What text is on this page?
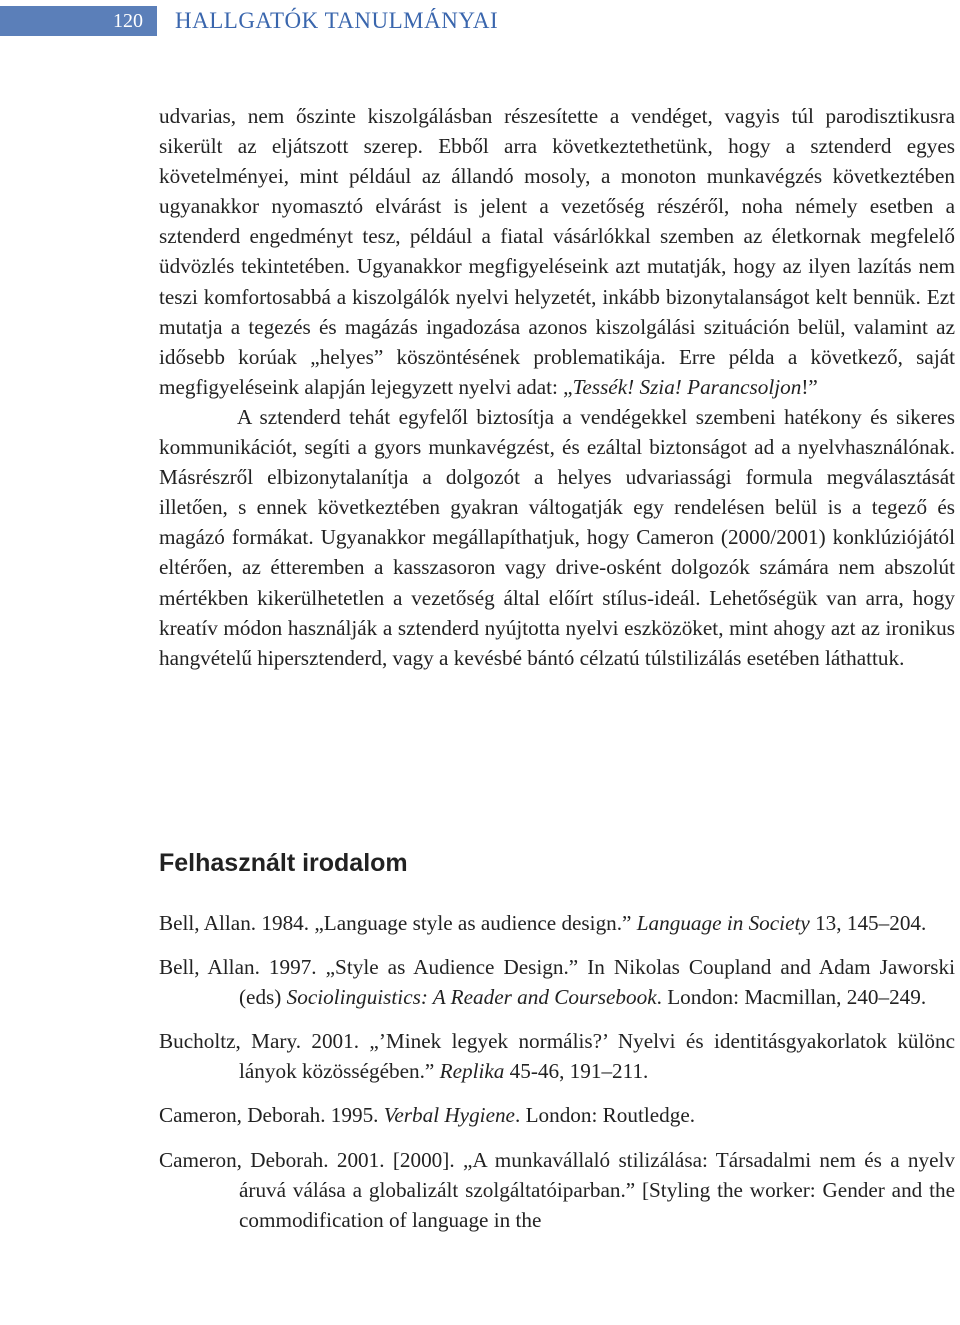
120	HALLGATÓK TANULMÁNYAI

udvarias, nem őszinte kiszolgálásban részesítette a vendéget, vagyis túl parodisztikusra sikerült az eljátszott szerep. Ebből arra következtethetünk, hogy a sztenderd egyes követelményei, mint például az állandó mosoly, a monoton munkavégzés következtében ugyanakkor nyomasztó elvárást is jelent a vezetőség részéről, noha némely esetben a sztenderd engedményt tesz, például a fiatal vásárlókkal szemben az életkornak megfelelő üdvözlés tekintetében. Ugyanakkor megfigyeléseink azt mutatják, hogy az ilyen lazítás nem teszi komfortosabbá a kiszolgálók nyelvi helyzetét, inkább bizonytalanságot kelt bennük. Ezt mutatja a tegezés és magázás ingadozása azonos kiszolgálási szituáción belül, valamint az idősebb korúak „helyes” köszöntésének problematikája. Erre példa a következő, saját megfigyeléseink alapján lejegyzett nyelvi adat: „Tessék! Szia! Parancsoljon!”

A sztenderd tehát egyfelől biztosítja a vendégekkel szembeni hatékony és sikeres kommunikációt, segíti a gyors munkavégzést, és ezáltal biztonságot ad a nyelvhasználónak. Másrészről elbizonytalanítja a dolgozót a helyes udvariassági formula megválasztását illetően, s ennek következtében gyakran váltogatják egy rendelésen belül is a tegező és magázó formákat. Ugyanakkor megállapíthatjuk, hogy Cameron (2000/2001) konklúziójától eltérően, az étteremben a kasszasoron vagy drive-osként dolgozók számára nem abszolút mértékben kikerülhetetlen a vezetőség által előírt stílus-ideál. Lehetőségük van arra, hogy kreatív módon használják a sztenderd nyújtotta nyelvi eszközöket, mint ahogy azt az ironikus hangvételű hipersztenderd, vagy a kevésbé bántó célzatú túlstilizálás esetében láthattuk.

Felhasznált irodalom

Bell, Allan. 1984. „Language style as audience design.” Language in Society 13, 145–204.

Bell, Allan. 1997. „Style as Audience Design.” In Nikolas Coupland and Adam Jaworski (eds) Sociolinguistics: A Reader and Coursebook. London: Macmillan, 240–249.

Bucholtz, Mary. 2001. „’Minek legyek normális?’ Nyelvi és identitásgyakorlatok különc lányok közösségében.” Replika 45-46, 191–211.

Cameron, Deborah. 1995. Verbal Hygiene. London: Routledge.

Cameron, Deborah. 2001. [2000]. „A munkavállaló stilizálása: Társadalmi nem és a nyelv áruvá válása a globalizált szolgáltatóiparban.” [Styling the worker: Gender and the commodification of language in the
